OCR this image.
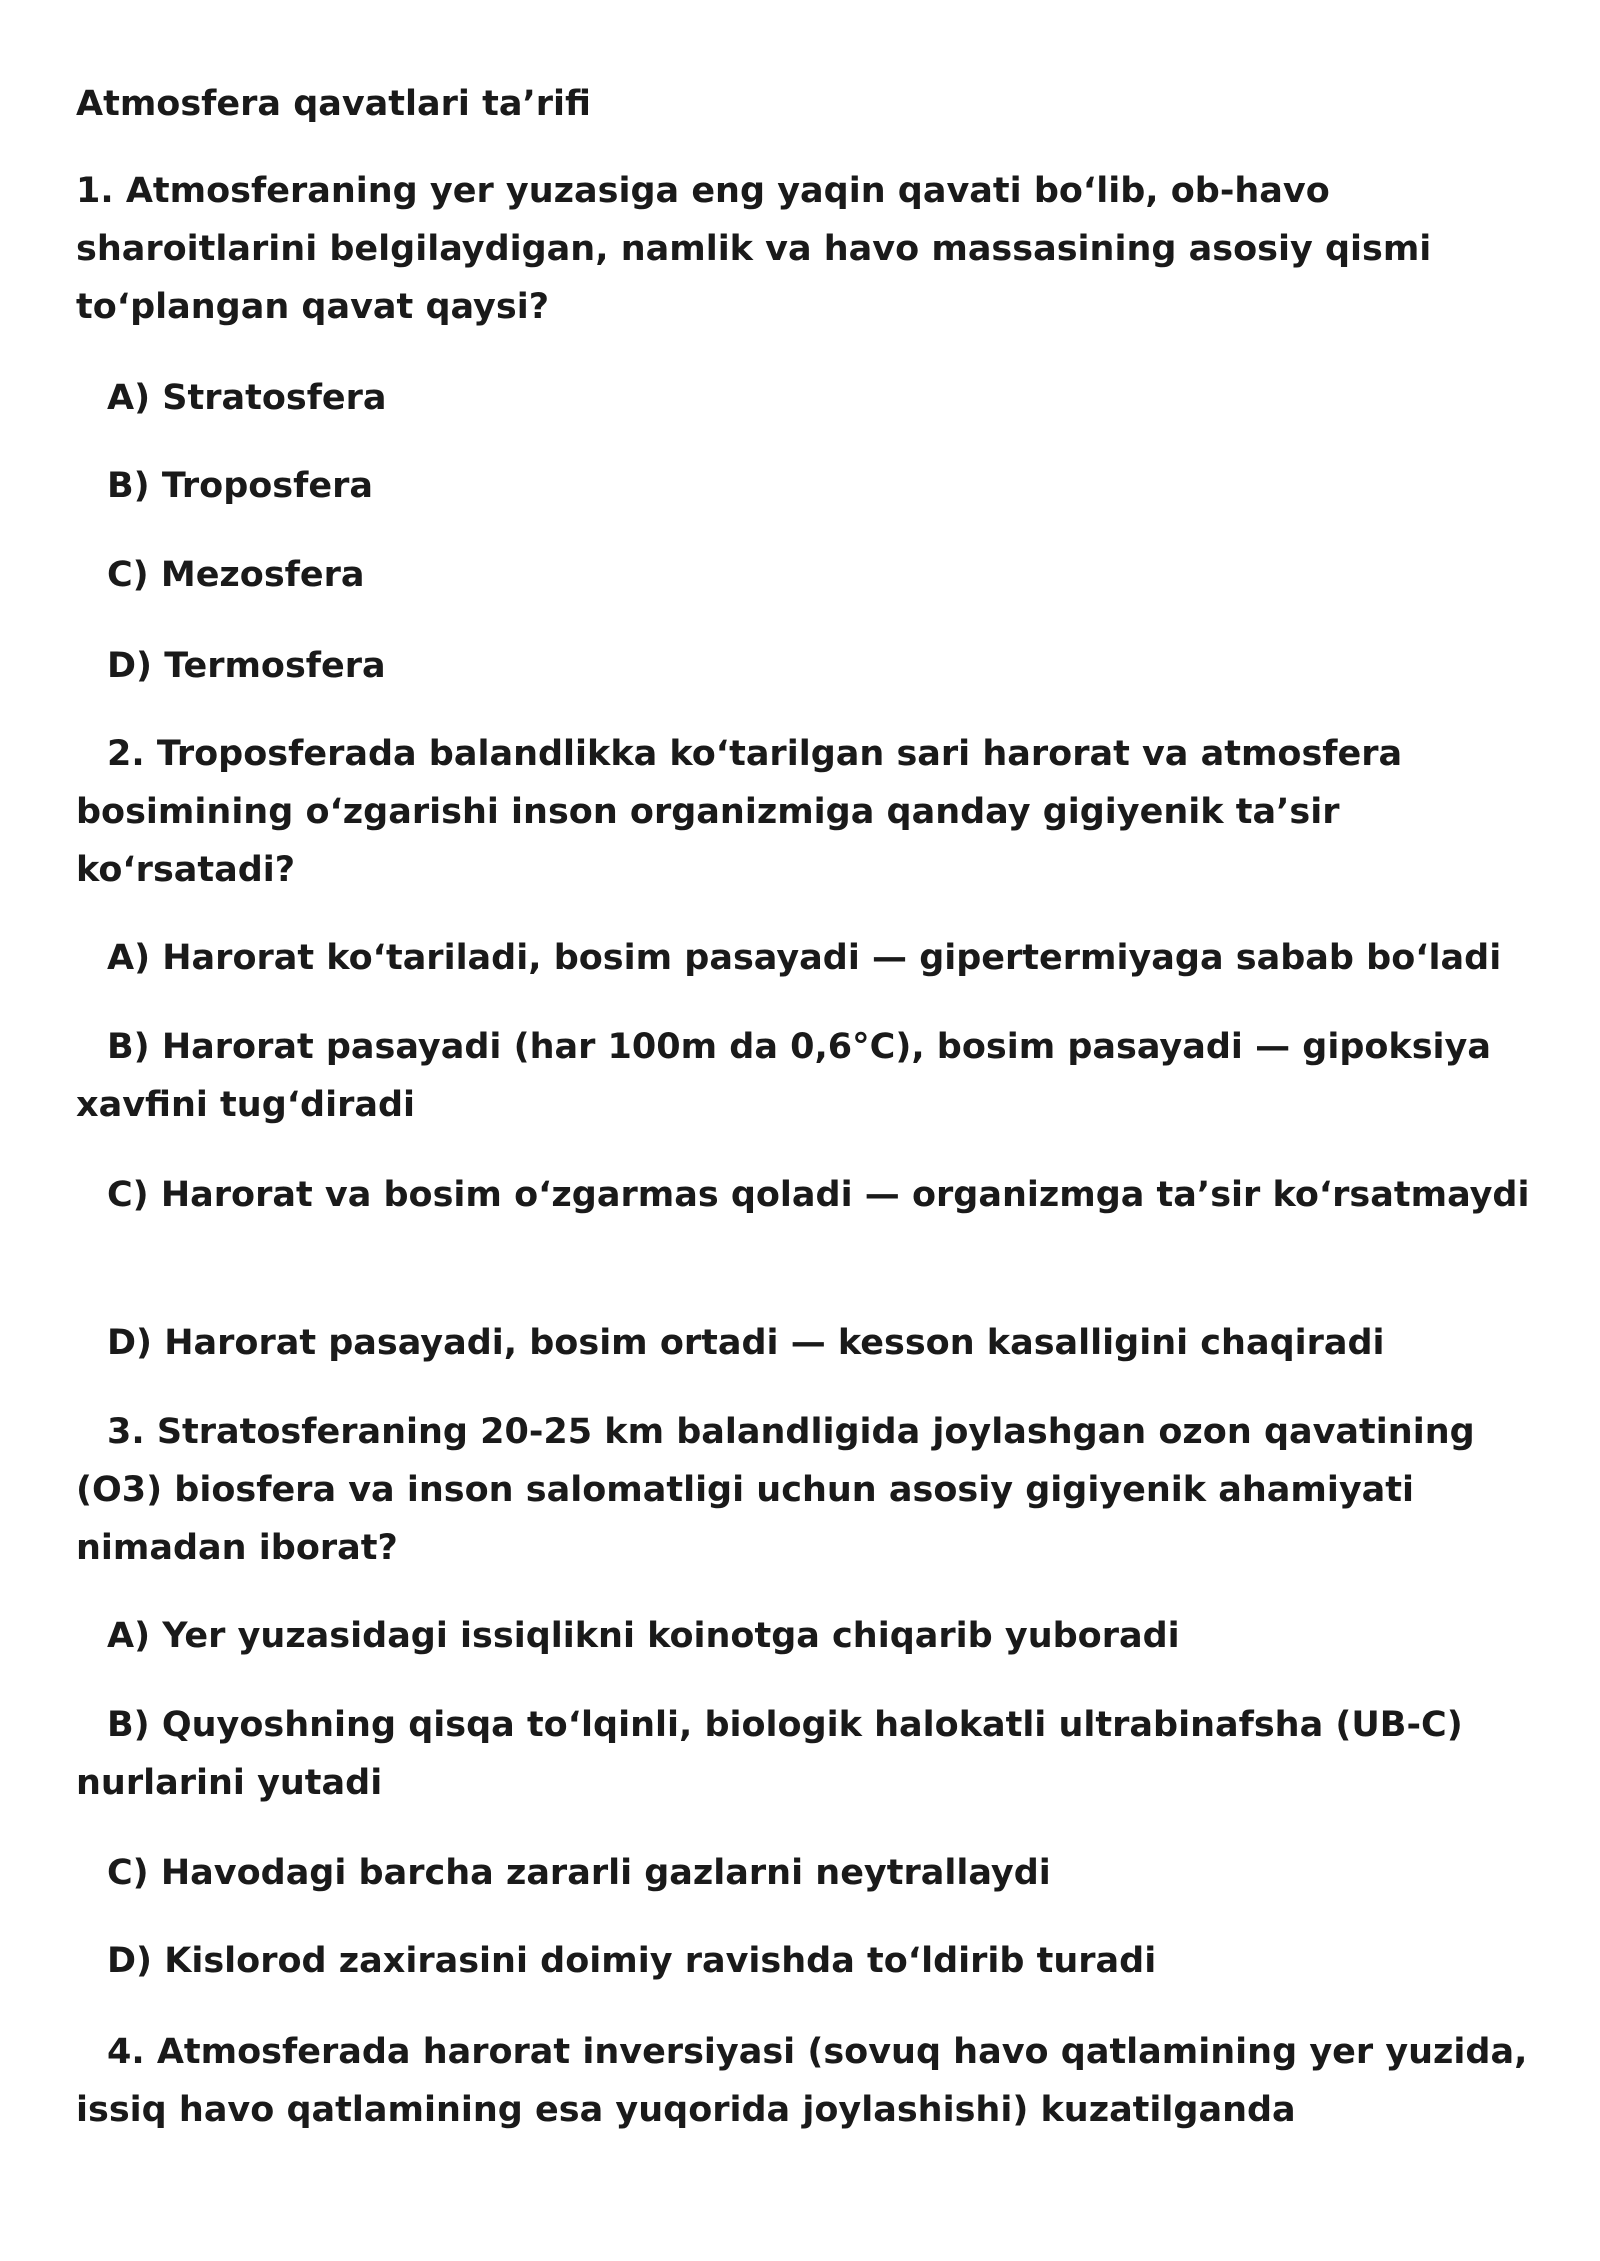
Atmosfera qavatlari ta’rifi

1. Atmosferaning yer yuzasiga eng yaqin qavati bo‘lib, ob-havo sharoitlarini belgilaydigan, namlik va havo massasining asosiy qismi to‘plangan qavat qaysi?

A) Stratosfera

B) Troposfera

C) Mezosfera

D) Termosfera

2. Troposferada balandlikka ko‘tarilgan sari harorat va atmosfera bosimining o‘zgarishi inson organizmiga qanday gigiyenik ta’sir ko‘rsatadi?

A) Harorat ko‘tariladi, bosim pasayadi — gipertermiyaga sabab bo‘ladi

B) Harorat pasayadi (har 100m da 0,6°C), bosim pasayadi — gipoksiya xavfini tug‘diradi

C) Harorat va bosim o‘zgarmas qoladi — organizmga ta’sir ko‘rsatmaydi

D) Harorat pasayadi, bosim ortadi — kesson kasalligini chaqiradi

3. Stratosferaning 20-25 km balandligida joylashgan ozon qavatining (O3) biosfera va inson salomatligi uchun asosiy gigiyenik ahamiyati nimadan iborat?

A) Yer yuzasidagi issiqlikni koinotga chiqarib yuboradi

B) Quyoshning qisqa to‘lqinli, biologik halokatli ultrabinafsha (UB-C) nurlarini yutadi

C) Havodagi barcha zararli gazlarni neytrallaydi

D) Kislorod zaxirasini doimiy ravishda to‘ldirib turadi

4. Atmosferada harorat inversiyasi (sovuq havo qatlamining yer yuzida, issiq havo qatlamining esa yuqorida joylashishi) kuzatilganda
